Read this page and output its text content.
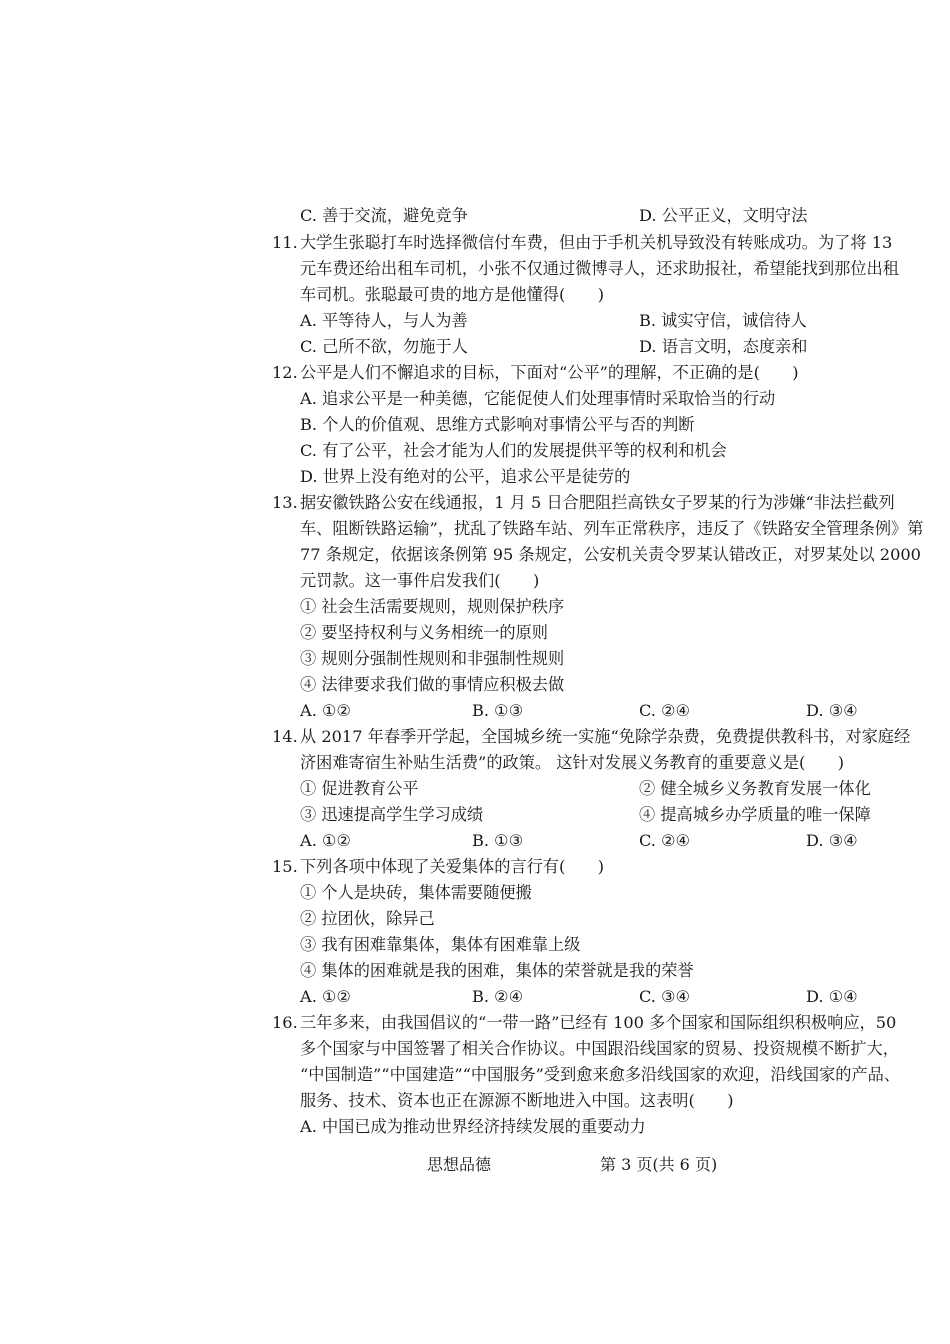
C. 善于交流，避免竞争	D. 公平正义，文明守法
11. 大学生张聪打车时选择微信付车费，但由于手机关机导致没有转账成功。为了将 13
元车费还给出租车司机，小张不仅通过微博寻人，还求助报社，希望能找到那位出租
车司机。张聪最可贵的地方是他懂得(　　)
A. 平等待人，与人为善	B. 诚实守信，诚信待人
C. 己所不欲，勿施于人	D. 语言文明，态度亲和
12. 公平是人们不懈追求的目标，下面对“公平”的理解，不正确的是(　　)
A. 追求公平是一种美德，它能促使人们处理事情时采取恰当的行动
B. 个人的价值观、思维方式影响对事情公平与否的判断
C. 有了公平，社会才能为人们的发展提供平等的权利和机会
D. 世界上没有绝对的公平，追求公平是徒劳的
13. 据安徽铁路公安在线通报，1 月 5 日合肥阻拦高铁女子罗某的行为涉嫌“非法拦截列
车、阻断铁路运输”，扰乱了铁路车站、列车正常秩序，违反了《铁路安全管理条例》第
77 条规定，依据该条例第 95 条规定，公安机关责令罗某认错改正，对罗某处以 2000
元罚款。这一事件启发我们(　　)
① 社会生活需要规则，规则保护秩序
② 要坚持权利与义务相统一的原则
③ 规则分强制性规则和非强制性规则
④ 法律要求我们做的事情应积极去做
A. ①②	B. ①③	C. ②④	D. ③④
14. 从 2017 年春季开学起，全国城乡统一实施“免除学杂费，免费提供教科书，对家庭经
济困难寄宿生补贴生活费”的政策。 这针对发展义务教育的重要意义是(　　)
① 促进教育公平	② 健全城乡义务教育发展一体化
③ 迅速提高学生学习成绩	④ 提高城乡办学质量的唯一保障
A. ①②	B. ①③	C. ②④	D. ③④
15. 下列各项中体现了关爱集体的言行有(　　)
① 个人是块砖，集体需要随便搬
② 拉团伙，除异己
③ 我有困难靠集体，集体有困难靠上级
④ 集体的困难就是我的困难，集体的荣誉就是我的荣誉
A. ①②	B. ②④	C. ③④	D. ①④
16. 三年多来，由我国倡议的“一带一路”已经有 100 多个国家和国际组织积极响应，50
多个国家与中国签署了相关合作协议。中国跟沿线国家的贸易、投资规模不断扩大，
“中国制造”“中国建造”“中国服务”受到愈来愈多沿线国家的欢迎，沿线国家的产品、
服务、技术、资本也正在源源不断地进入中国。这表明(　　)
A. 中国已成为推动世界经济持续发展的重要动力
思想品德	第 3 页(共 6 页)
